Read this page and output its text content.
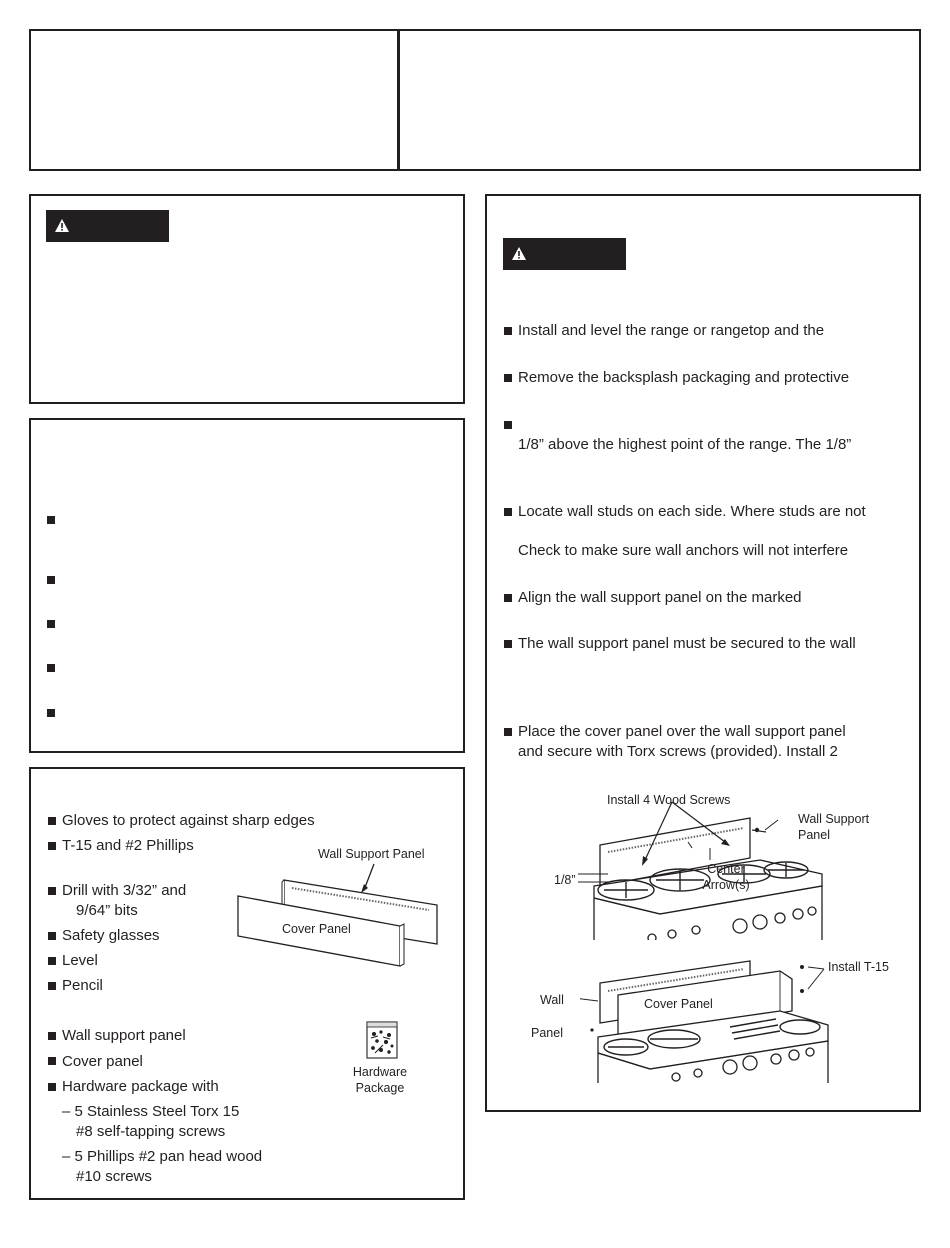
Gloves to protect against sharp edges
T-15 and #2 Phillips
Drill with 3/32” and
9/64” bits
Safety glasses
Level
Pencil
Wall support panel
Cover panel
Hardware package with
– 5 Stainless Steel Torx 15
#8 self-tapping screws
– 5 Phillips #2 pan head wood
#10 screws
Wall Support Panel
Cover Panel
Hardware
Package
Install and level the range or rangetop and the
Remove the backsplash packaging and protective
1/8” above the highest point of the range. The 1/8”
Locate wall studs on each side. Where studs are not
Check to make sure wall anchors will not interfere
Align the wall support panel on the marked
The wall support panel must be secured to the wall
Place the cover panel over the wall support panel
and secure with Torx screws (provided). Install 2
Install 4 Wood Screws
Wall Support
Panel
1/8”
Center
Arrow(s)
Install T-15
Wall
Panel
Cover Panel
